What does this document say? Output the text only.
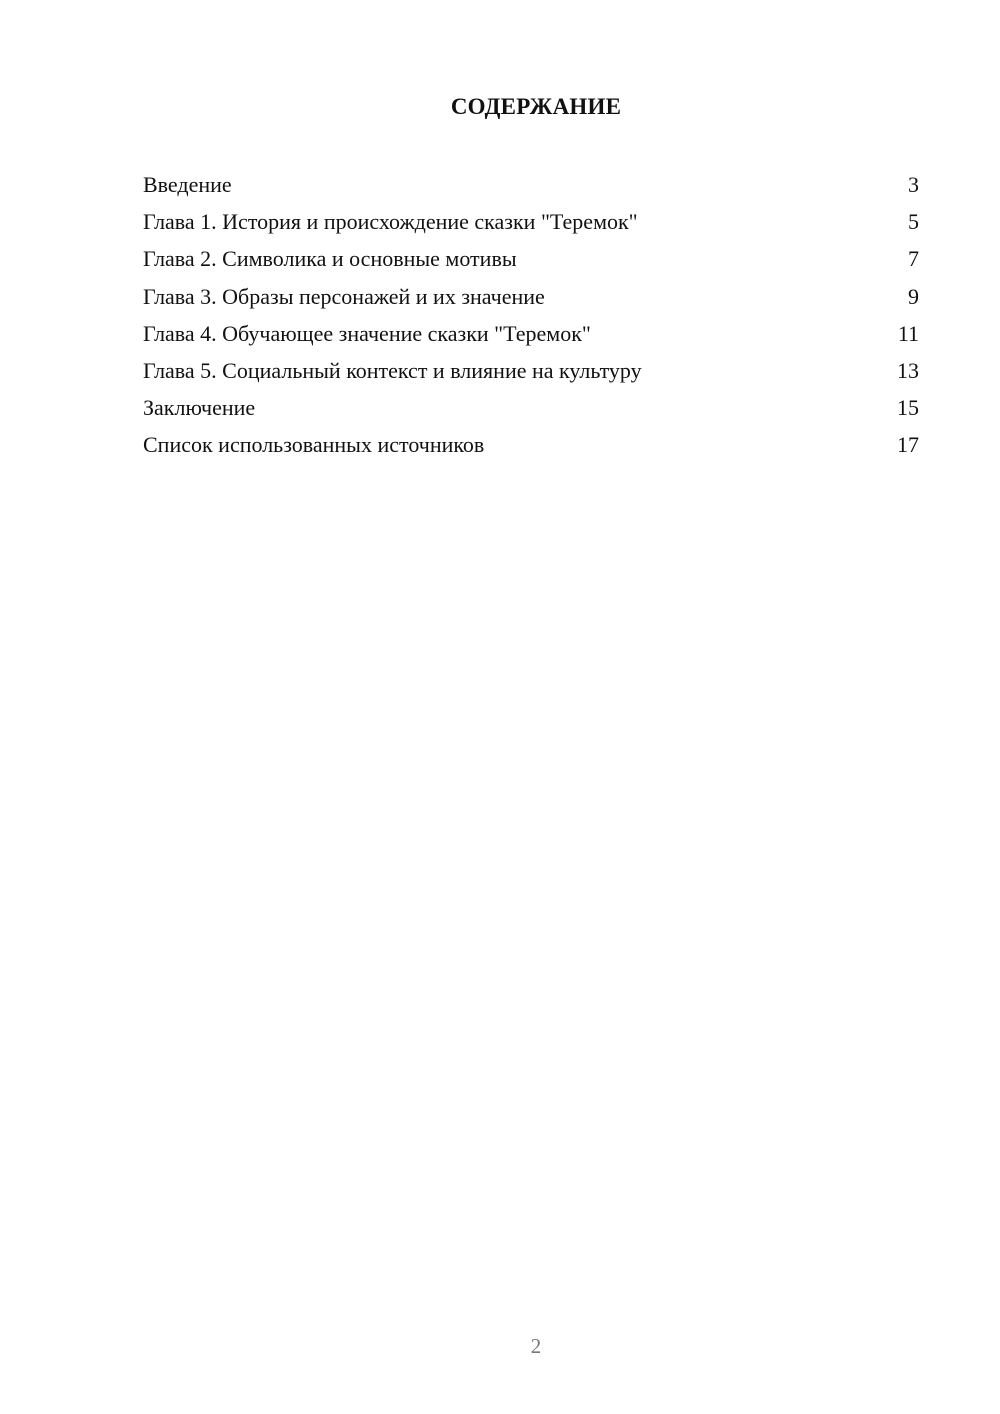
СОДЕРЖАНИЕ
Введение	3
Глава 1. История и происхождение сказки "Теремок"	5
Глава 2. Символика и основные мотивы	7
Глава 3. Образы персонажей и их значение	9
Глава 4. Обучающее значение сказки "Теремок"	11
Глава 5. Социальный контекст и влияние на культуру	13
Заключение	15
Список использованных источников	17
2
